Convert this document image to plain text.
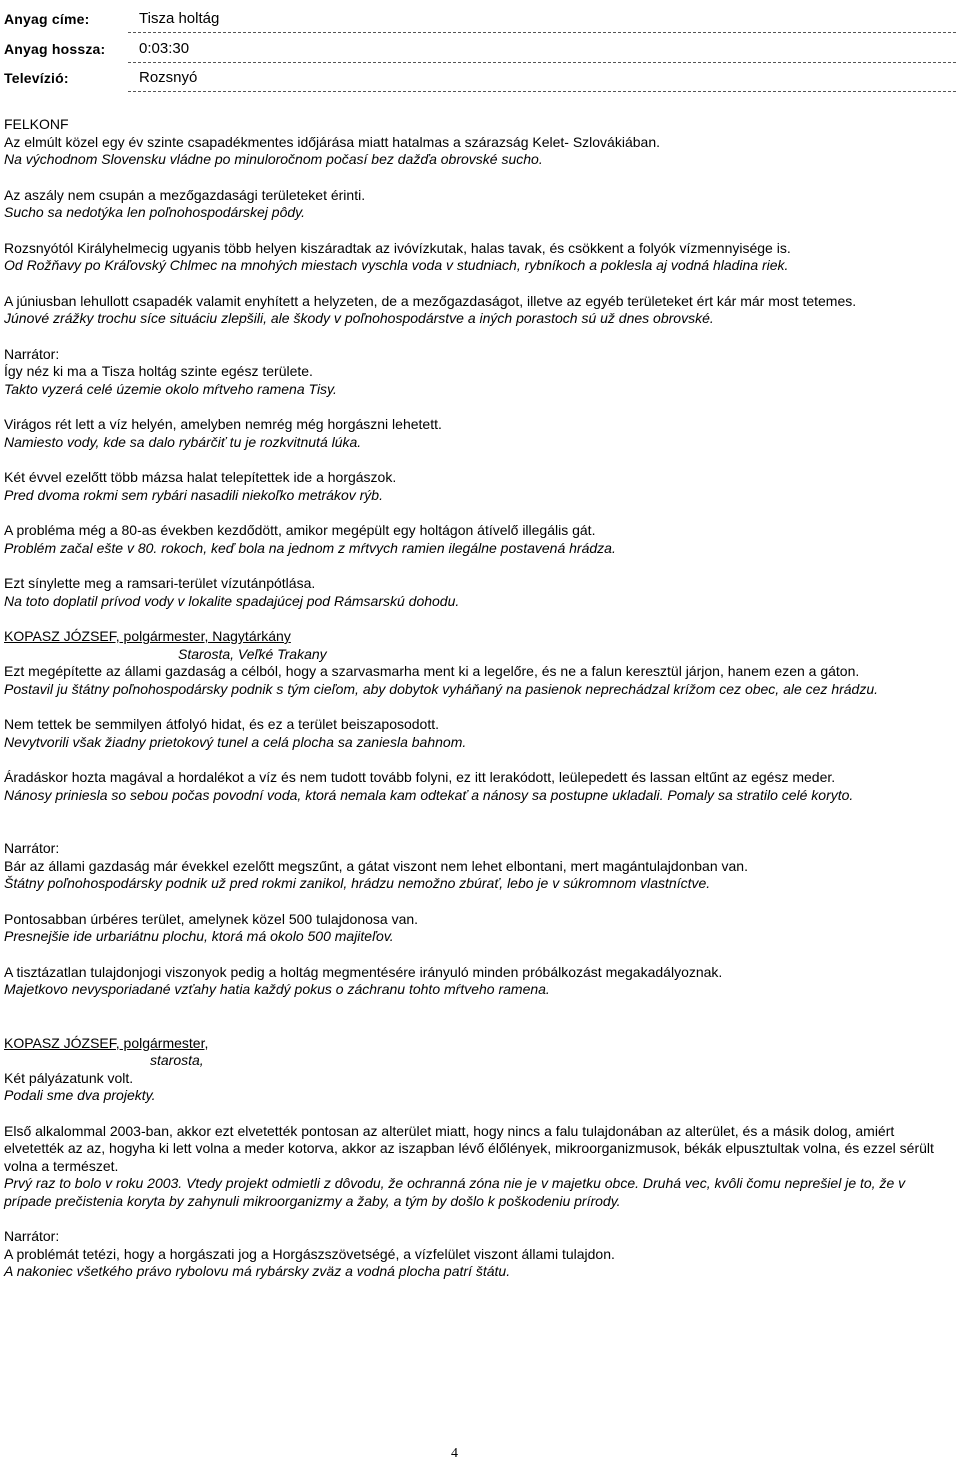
Anyag címe:	Tisza holtág
Anyag hossza: 0:03:30
Televízió:	Rozsnyó
FELKONF
Az elmúlt közel egy év szinte csapadékmentes időjárása miatt hatalmas a szárazság Kelet- Szlovákiában.
Na východnom Slovensku vládne po minuloročnom počasí bez dažďa obrovské sucho.
Az aszály nem csupán a mezőgazdasági területeket érinti.
Sucho sa nedotýka len poľnohospodárskej pôdy.
Rozsnyótól Királyhelmecig ugyanis több helyen kiszáradtak az ivóvízkutak, halas tavak, és csökkent a folyók vízmennyisége is.
Od Rožňavy po Kráľovský Chlmec na mnohých miestach vyschla voda v studniach, rybníkoch a poklesla aj vodná hladina riek.
A júniusban lehullott csapadék valamit enyhített a helyzeten, de a mezőgazdaságot, illetve az egyéb területeket ért kár már most tetemes.
Júnové zrážky trochu síce situáciu zlepšili, ale škody v poľnohospodárstve a iných porastoch sú už dnes obrovské.
Narrátor:
Így néz ki ma a Tisza holtág szinte egész területe.
Takto vyzerá celé územie okolo mŕtveho ramena Tisy.
Virágos rét lett a víz helyén, amelyben nemrég még horgászni lehetett.
Namiesto vody, kde sa dalo rybárčiť tu je rozkvitnutá lúka.
Két évvel ezelőtt több mázsa halat telepítettek ide a horgászok.
Pred dvoma rokmi sem rybári nasadili niekoľko metrákov rýb.
A probléma még a 80-as években kezdődött, amikor megépült egy holtágon átívelő illegális gát.
Problém začal ešte v 80. rokoch, keď bola na jednom z mŕtvych ramien ilegálne postavená hrádza.
Ezt sínylette meg a ramsari-terület vízutánpótlása.
Na toto doplatil prívod vody v lokalite spadajúcej pod Rámsarskú dohodu.
KOPASZ JÓZSEF, polgármester, Nagytárkány
Starosta, Veľké Trakany
Ezt megépítette az állami gazdaság a célból, hogy a szarvasmarha ment ki a legelőre, és ne a falun keresztül járjon, hanem ezen a gáton.
Postavil ju štátny poľnohospodársky podnik s tým cieľom, aby dobytok vyháňaný na pasienok neprechádzal krížom cez obec, ale cez hrádzu.
Nem tettek be semmilyen átfolyó hidat, és ez a terület beiszaposodott.
Nevytvorili však žiadny prietokový tunel a celá plocha sa zaniesla bahnom.
Áradáskor hozta magával a hordalékot a víz és nem tudott tovább folyni, ez itt lerakódott, leülepedett és lassan eltűnt az egész meder.
Nánosy priniesla so sebou počas povodní voda, ktorá nemala kam odtekať a nánosy sa postupne ukladali. Pomaly sa stratilo celé koryto.
Narrátor:
Bár az állami gazdaság már évekkel ezelőtt megszűnt, a gátat viszont nem lehet elbontani, mert magántulajdonban van.
Štátny poľnohospodársky podnik už pred rokmi zanikol, hrádzu nemožno zbúrať, lebo je v súkromnom vlastníctve.
Pontosabban úrbéres terület, amelynek közel 500 tulajdonosa van.
Presnejšie ide urbariátnu plochu, ktorá má okolo 500 majiteľov.
A tisztázatlan tulajdonjogi viszonyok pedig a holtág megmentésére irányuló minden próbálkozást megakadályoznak.
Majetkovo nevysporiadané vzťahy hatia každý pokus o záchranu tohto mŕtveho ramena.
KOPASZ JÓZSEF, polgármester,
starosta,
Két pályázatunk volt.
Podali sme dva projekty.
Első alkalommal 2003-ban, akkor ezt elvetették pontosan az alterület miatt, hogy nincs a falu tulajdonában az alterület, és a másik dolog, amiért elvetették az az, hogyha ki lett volna a meder kotorva, akkor az iszapban lévő élőlények, mikroorganizmusok, békák elpusztultak volna, és ezzel sérült volna a természet.
Prvý raz to bolo v roku 2003. Vtedy projekt odmietli z dôvodu, že ochranná zóna nie je v majetku obce. Druhá vec, kvôli čomu neprešiel je to, že v prípade prečistenia koryta by zahynuli mikroorganizmy a žaby, a tým by došlo k poškodeniu prírody.
Narrátor:
A problémát tetézi, hogy a horgászati jog a Horgászszövetségé, a vízfelület viszont állami tulajdon.
A nakoniec všetkého právo rybolovu má rybársky zväz a vodná plocha patrí štátu.
4
